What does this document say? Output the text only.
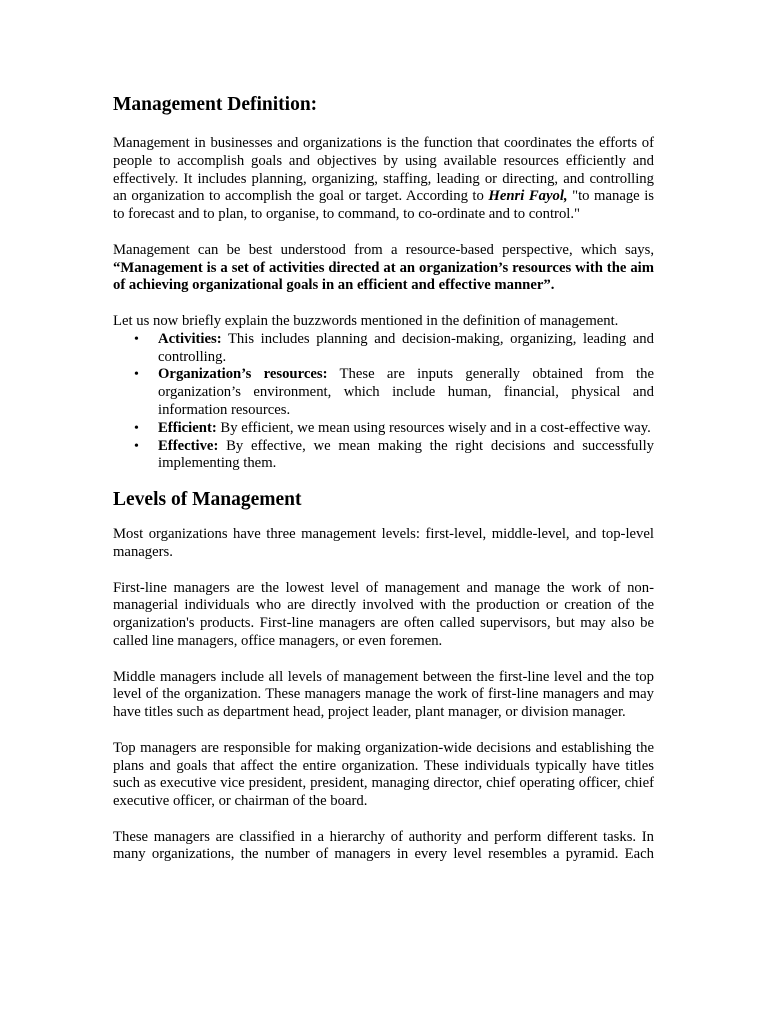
Management Definition:

Management in businesses and organizations is the function that coordinates the efforts of people to accomplish goals and objectives by using available resources efficiently and effectively. It includes planning, organizing, staffing, leading or directing, and controlling an organization to accomplish the goal or target. According to Henri Fayol, "to manage is to forecast and to plan, to organise, to command, to co-ordinate and to control."

Management can be best understood from a resource-based perspective, which says, “Management is a set of activities directed at an organization’s resources with the aim of achieving organizational goals in an efficient and effective manner”.

Let us now briefly explain the buzzwords mentioned in the definition of management.

• Activities: This includes planning and decision-making, organizing, leading and controlling.
• Organization’s resources: These are inputs generally obtained from the organization’s environment, which include human, financial, physical and information resources.
• Efficient: By efficient, we mean using resources wisely and in a cost-effective way.
• Effective: By effective, we mean making the right decisions and successfully implementing them.
Levels of Management

Most organizations have three management levels: first-level, middle-level, and top-level managers.

First-line managers are the lowest level of management and manage the work of non-managerial individuals who are directly involved with the production or creation of the organization's products. First-line managers are often called supervisors, but may also be called line managers, office managers, or even foremen.

Middle managers include all levels of management between the first-line level and the top level of the organization. These managers manage the work of first-line managers and may have titles such as department head, project leader, plant manager, or division manager.

Top managers are responsible for making organization-wide decisions and establishing the plans and goals that affect the entire organization. These individuals typically have titles such as executive vice president, president, managing director, chief operating officer, chief executive officer, or chairman of the board.

These managers are classified in a hierarchy of authority and perform different tasks. In many organizations, the number of managers in every level resembles a pyramid. Each
